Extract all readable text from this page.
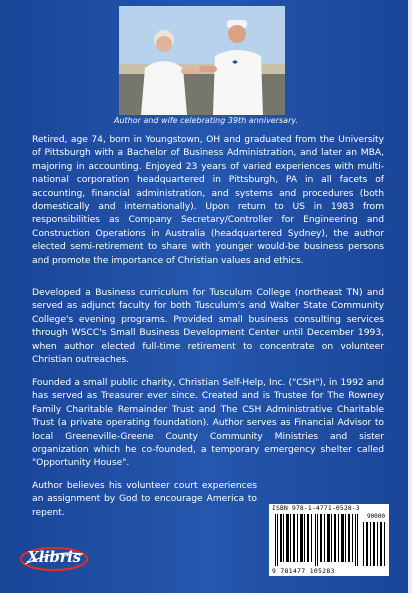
Author and wife celebrating 39th anniversary.

Retired, age 74, born in Youngstown, OH and graduated from the University of Pittsburgh with a Bachelor of Business Administration, and later an MBA, majoring in accounting. Enjoyed 23 years of varied experiences with multi-national corporation headquartered in Pittsburgh, PA in all facets of accounting, financial administration, and systems and procedures (both domestically and internationally). Upon return to US in 1983 from responsibilities as Company Secretary/Controller for Engineering and Construction Operations in Australia (headquartered Sydney), the author elected semi-retirement to share with younger would-be business persons and promote the importance of Christian values and ethics.

Developed a Business curriculum for Tusculum College (northeast TN) and served as adjunct faculty for both Tusculum's and Walter State Community College's evening programs. Provided small business consulting services through WSCC's Small Business Development Center until December 1993, when author elected full-time retirement to concentrate on volunteer Christian outreaches.

Founded a small public charity, Christian Self-Help, Inc. ("CSH"), in 1992 and has served as Treasurer ever since. Created and is Trustee for The Rowney Family Charitable Remainder Trust and The CSH Administrative Charitable Trust (a private operating foundation). Author serves as Financial Advisor to local Greeneville-Greene County Community Ministries and sister organization which he co-founded, a temporary emergency shelter called "Opportunity House".

Author believes his volunteer court experiences an assignment by God to encourage America to repent.	ISBN 978-1-4771-0528-3
90000
9 781477 105283
Xlibris
